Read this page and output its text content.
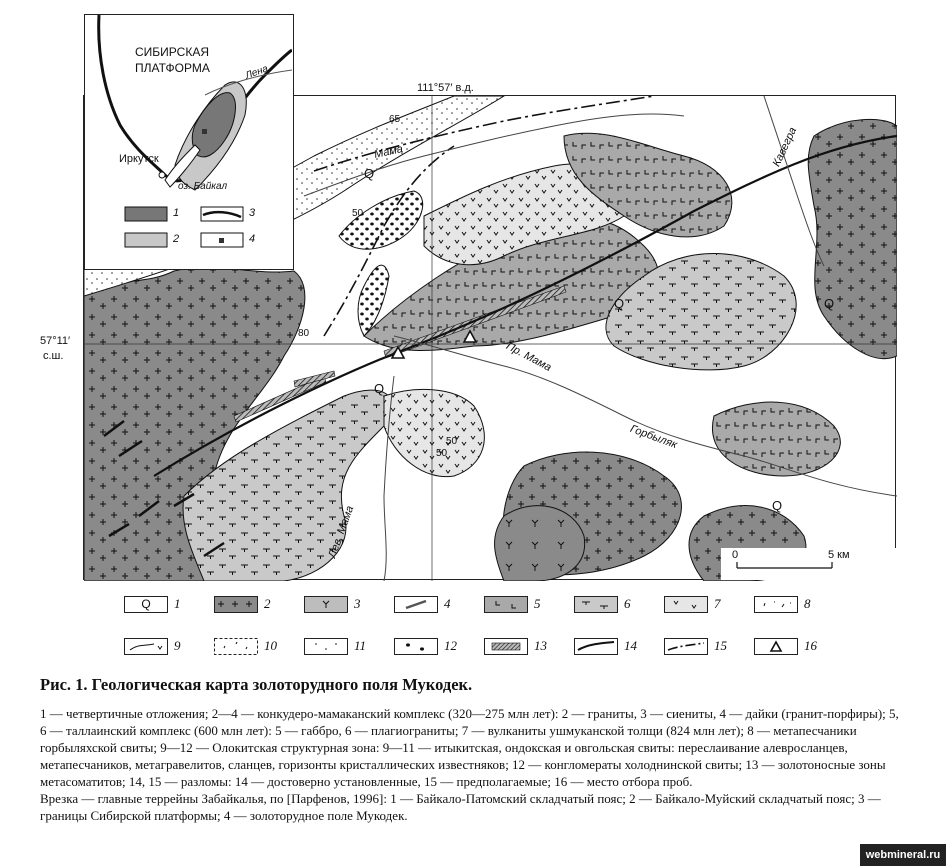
111°57′ в.д.
Мама
Пр. Мама
Лев. Мама
Горбыляк
Кавегра
Q
Q
Q
Q
Q
65
50
80
50
50
0	5 км
57°11′
с.ш.
СИБИРСКАЯ
ПЛАТФОРМА	Лена
Иркутск
оз. Байкал
1
2
3
4
Q	1	2	3	4	5	6	7	8
9	10	11	12	13	14	15	16
Рис. 1. Геологическая карта золоторудного поля Мукодек.

1 — четвертичные отложения; 2—4 — конкудеро-мамаканский комплекс (320—275 млн лет): 2 — граниты, 3 — сиениты, 4 — дайки (гранит-порфиры); 5, 6 — таллаинский комплекс (600 млн лет): 5 — габбро, 6 — плагиограниты; 7 — вулканиты ушмуканской толщи (824 млн лет); 8 — метапесчаники горбыляхской свиты; 9—12 — Олокитская структурная зона: 9—11 — итыкитская, ондокская и овгольская свиты: переслаивание алевросланцев, метапесчаников, метагравелитов, сланцев, горизонты кристаллических известняков; 12 — конгломераты холоднинской свиты; 13 — золотоносные зоны метасоматитов; 14, 15 — разломы: 14 — достоверно установленные, 15 — предполагаемые; 16 — место отбора проб.

Врезка — главные террейны Забайкалья, по [Парфенов, 1996]: 1 — Байкало-Патомский складчатый пояс; 2 — Байкало-Муйский складчатый пояс; 3 — границы Сибирской платформы; 4 — золоторудное поле Мукодек.

webmineral.ru
